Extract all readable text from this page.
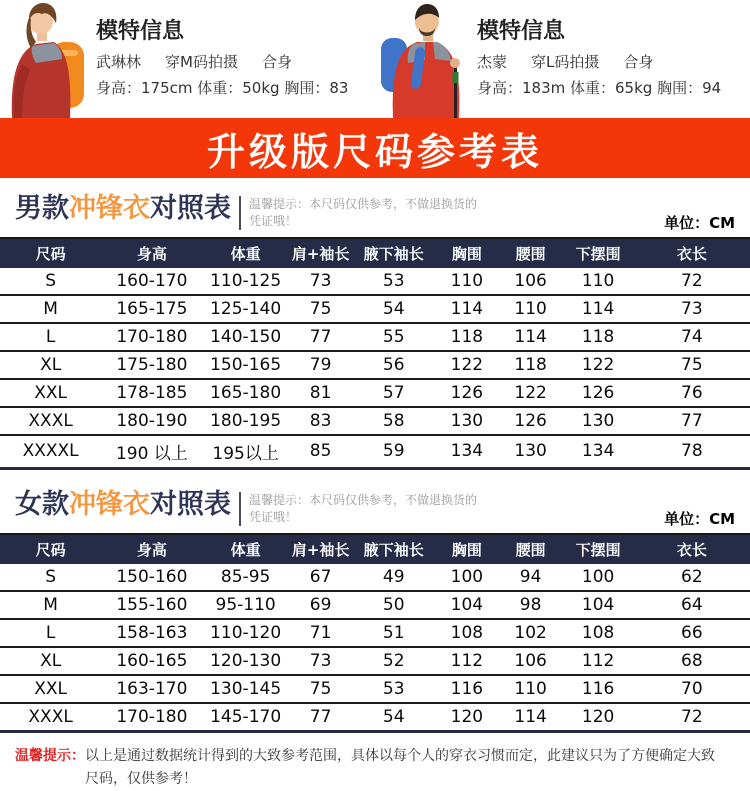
模特信息
武琳林 穿M码拍摄 合身
身高：175cm 体重：50kg 胸围：83
模特信息
杰蒙 穿L码拍摄 合身
身高：183m 体重：65kg 胸围：94
升级版尺码参考表
男款冲锋衣对照表 温馨提示：本尺码仅供参考，不做退换货的
凭证哦！	单位：CM
尺码	身高	体重	肩+袖长	腋下袖长	胸围	腰围	下摆围	衣长
S	160-170	110-125	73	53	110	106	110	72
M	165-175	125-140	75	54	114	110	114	73
L	170-180	140-150	77	55	118	114	118	74
XL	175-180	150-165	79	56	122	118	122	75
XXL	178-185	165-180	81	57	126	122	126	76
XXXL	180-190	180-195	83	58	130	126	130	77
XXXXL	190 以上	195以上	85	59	134	130	134	78
女款冲锋衣对照表 温馨提示：本尺码仅供参考，不做退换货的
凭证哦！	单位：CM
尺码	身高	体重	肩+袖长	腋下袖长	胸围	腰围	下摆围	衣长
S	150-160	85-95	67	49	100	94	100	62
M	155-160	95-110	69	50	104	98	104	64
L	158-163	110-120	71	51	108	102	108	66
XL	160-165	120-130	73	52	112	106	112	68
XXL	163-170	130-145	75	53	116	110	116	70
XXXL	170-180	145-170	77	54	120	114	120	72
温馨提示： 以上是通过数据统计得到的大致参考范围，具体以每个人的穿衣习惯而定，此建议只为了方便确定大致
尺码，仅供参考！
